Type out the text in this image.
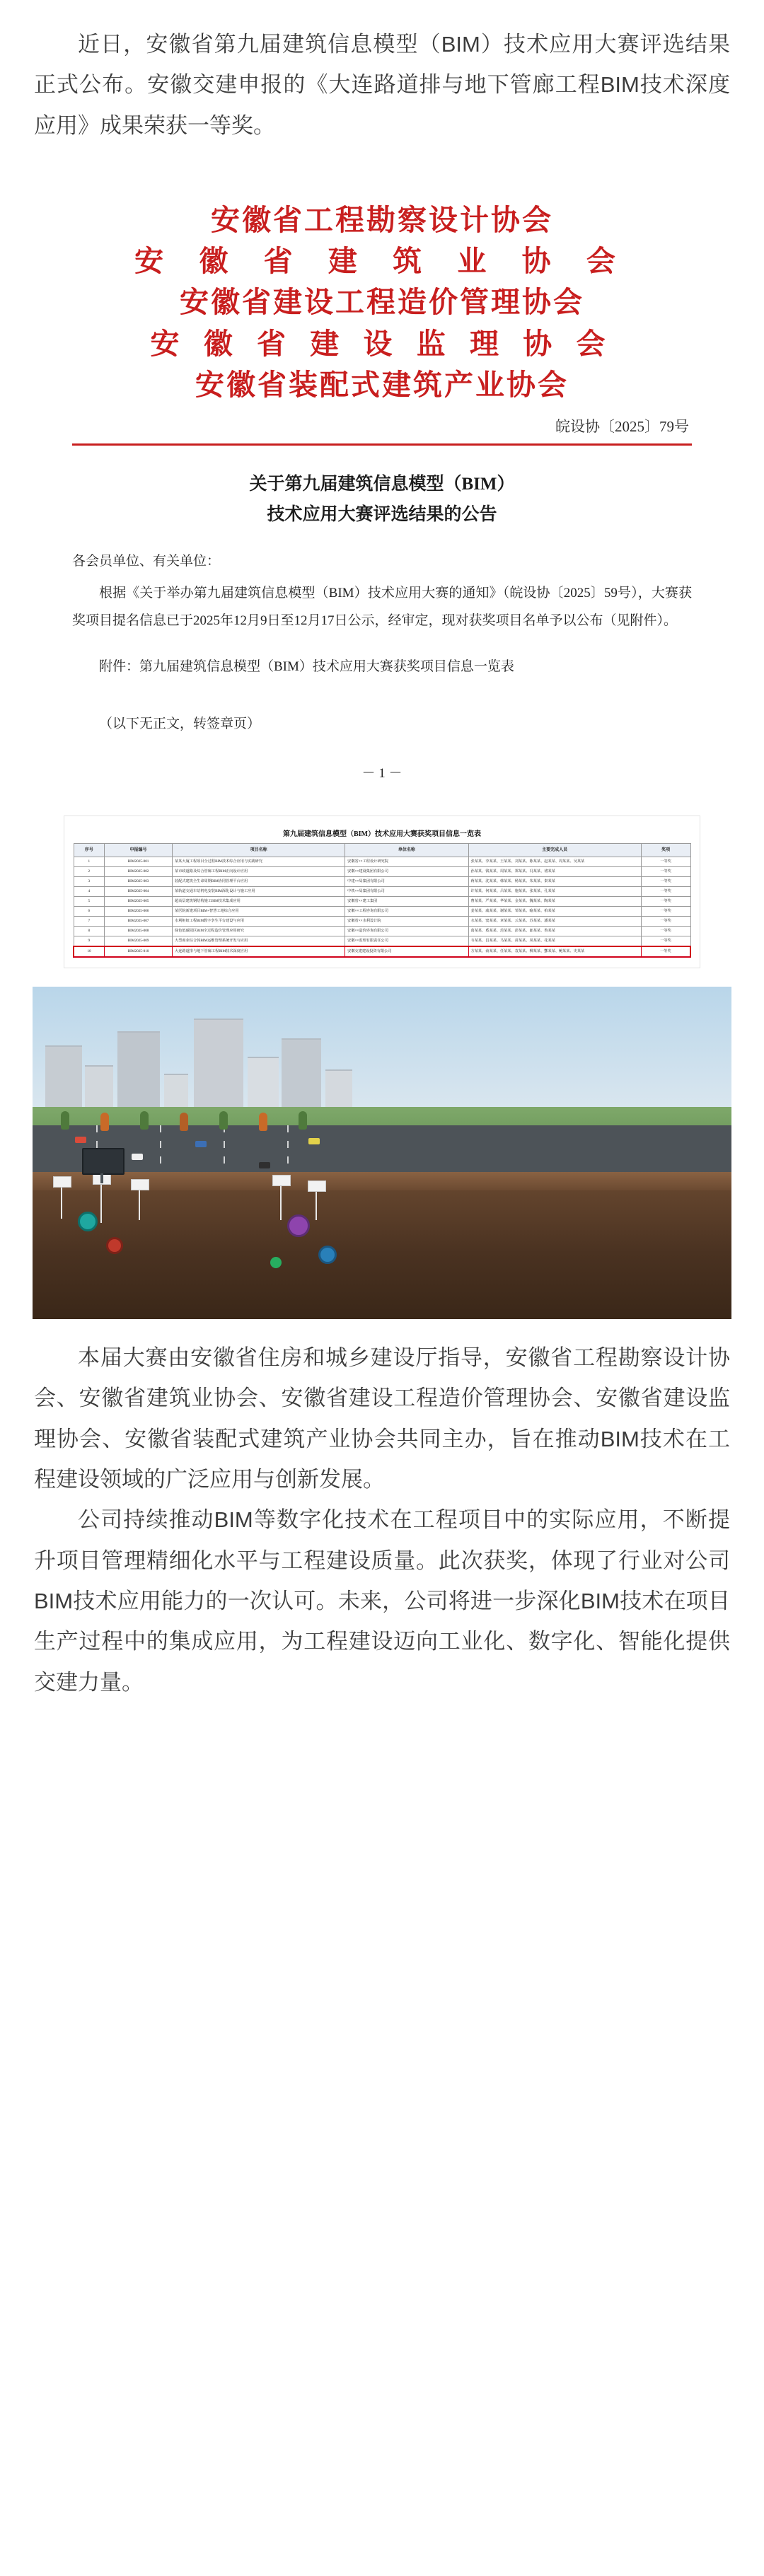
近日，安徽省第九届建筑信息模型（BIM）技术应用大赛评选结果正式公布。安徽交建申报的《大连路道排与地下管廊工程BIM技术深度应用》成果荣获一等奖。

安徽省工程勘察设计协会
安 徽 省 建 筑 业 协 会
安徽省建设工程造价管理协会
安 徽 省 建 设 监 理 协 会
安徽省装配式建筑产业协会
皖设协〔2025〕79号
关于第九届建筑信息模型（BIM）
技术应用大赛评选结果的公告

各会员单位、有关单位：

根据《关于举办第九届建筑信息模型（BIM）技术应用大赛的通知》（皖设协〔2025〕59号），大赛获奖项目提名信息已于2025年12月9日至12月17日公示，经审定，现对获奖项目名单予以公布（见附件）。

附件：第九届建筑信息模型（BIM）技术应用大赛获奖项目信息一览表

（以下无正文，转签章页）

－ 1 －
第九届建筑信息模型（BIM）技术应用大赛获奖项目信息一览表
序号	申报编号	项目名称	单位名称	主要完成人员	奖项
1	BIM2025-001	某某大厦工程项目全过程BIM技术综合应用与实践研究	安徽省××工程设计研究院	张某某、李某某、王某某、刘某某、陈某某、赵某某、周某某、吴某某	一等奖
2	BIM2025-002	某市政道路及综合管廊工程BIM正向设计应用	安徽××建设集团有限公司	孙某某、钱某某、周某某、郑某某、冯某某、褚某某	一等奖
3	BIM2025-003	装配式建筑全生命周期BIM协同管理平台应用	中建××局集团有限公司	蒋某某、沈某某、韩某某、杨某某、朱某某、秦某某	一等奖
4	BIM2025-004	某轨道交通车站机电安装BIM深化设计与施工应用	中铁××局集团有限公司	许某某、何某某、吕某某、施某某、张某某、孔某某	一等奖
5	BIM2025-005	超高层建筑钢结构施工BIM技术集成应用	安徽省××建工集团	曹某某、严某某、华某某、金某某、魏某某、陶某某	一等奖
6	BIM2025-006	某医院新建项目BIM+智慧工地综合应用	安徽××工程咨询有限公司	姜某某、戚某某、谢某某、邹某某、喻某某、柏某某	一等奖
7	BIM2025-007	水利枢纽工程BIM数字孪生平台建设与应用	安徽省××水利设计院	水某某、窦某某、章某某、云某某、苏某某、潘某某	一等奖
8	BIM2025-008	绿色低碳园区BIM全过程造价管理应用研究	安徽××造价咨询有限公司	葛某某、奚某某、范某某、彭某某、郎某某、鲁某某	一等奖
9	BIM2025-009	大型商业综合体BIM运维管理系统开发与应用	安徽××监理有限责任公司	韦某某、昌某某、马某某、苗某某、凤某某、花某某	一等奖
10	BIM2025-010	大连路道排与地下管廊工程BIM技术深度应用	安徽交建建设投资有限公司	方某某、俞某某、任某某、袁某某、柳某某、酆某某、鲍某某、史某某	一等奖

本届大赛由安徽省住房和城乡建设厅指导，安徽省工程勘察设计协会、安徽省建筑业协会、安徽省建设工程造价管理协会、安徽省建设监理协会、安徽省装配式建筑产业协会共同主办，旨在推动BIM技术在工程建设领域的广泛应用与创新发展。

公司持续推动BIM等数字化技术在工程项目中的实际应用，不断提升项目管理精细化水平与工程建设质量。此次获奖，体现了行业对公司BIM技术应用能力的一次认可。未来，公司将进一步深化BIM技术在项目生产过程中的集成应用，为工程建设迈向工业化、数字化、智能化提供交建力量。
